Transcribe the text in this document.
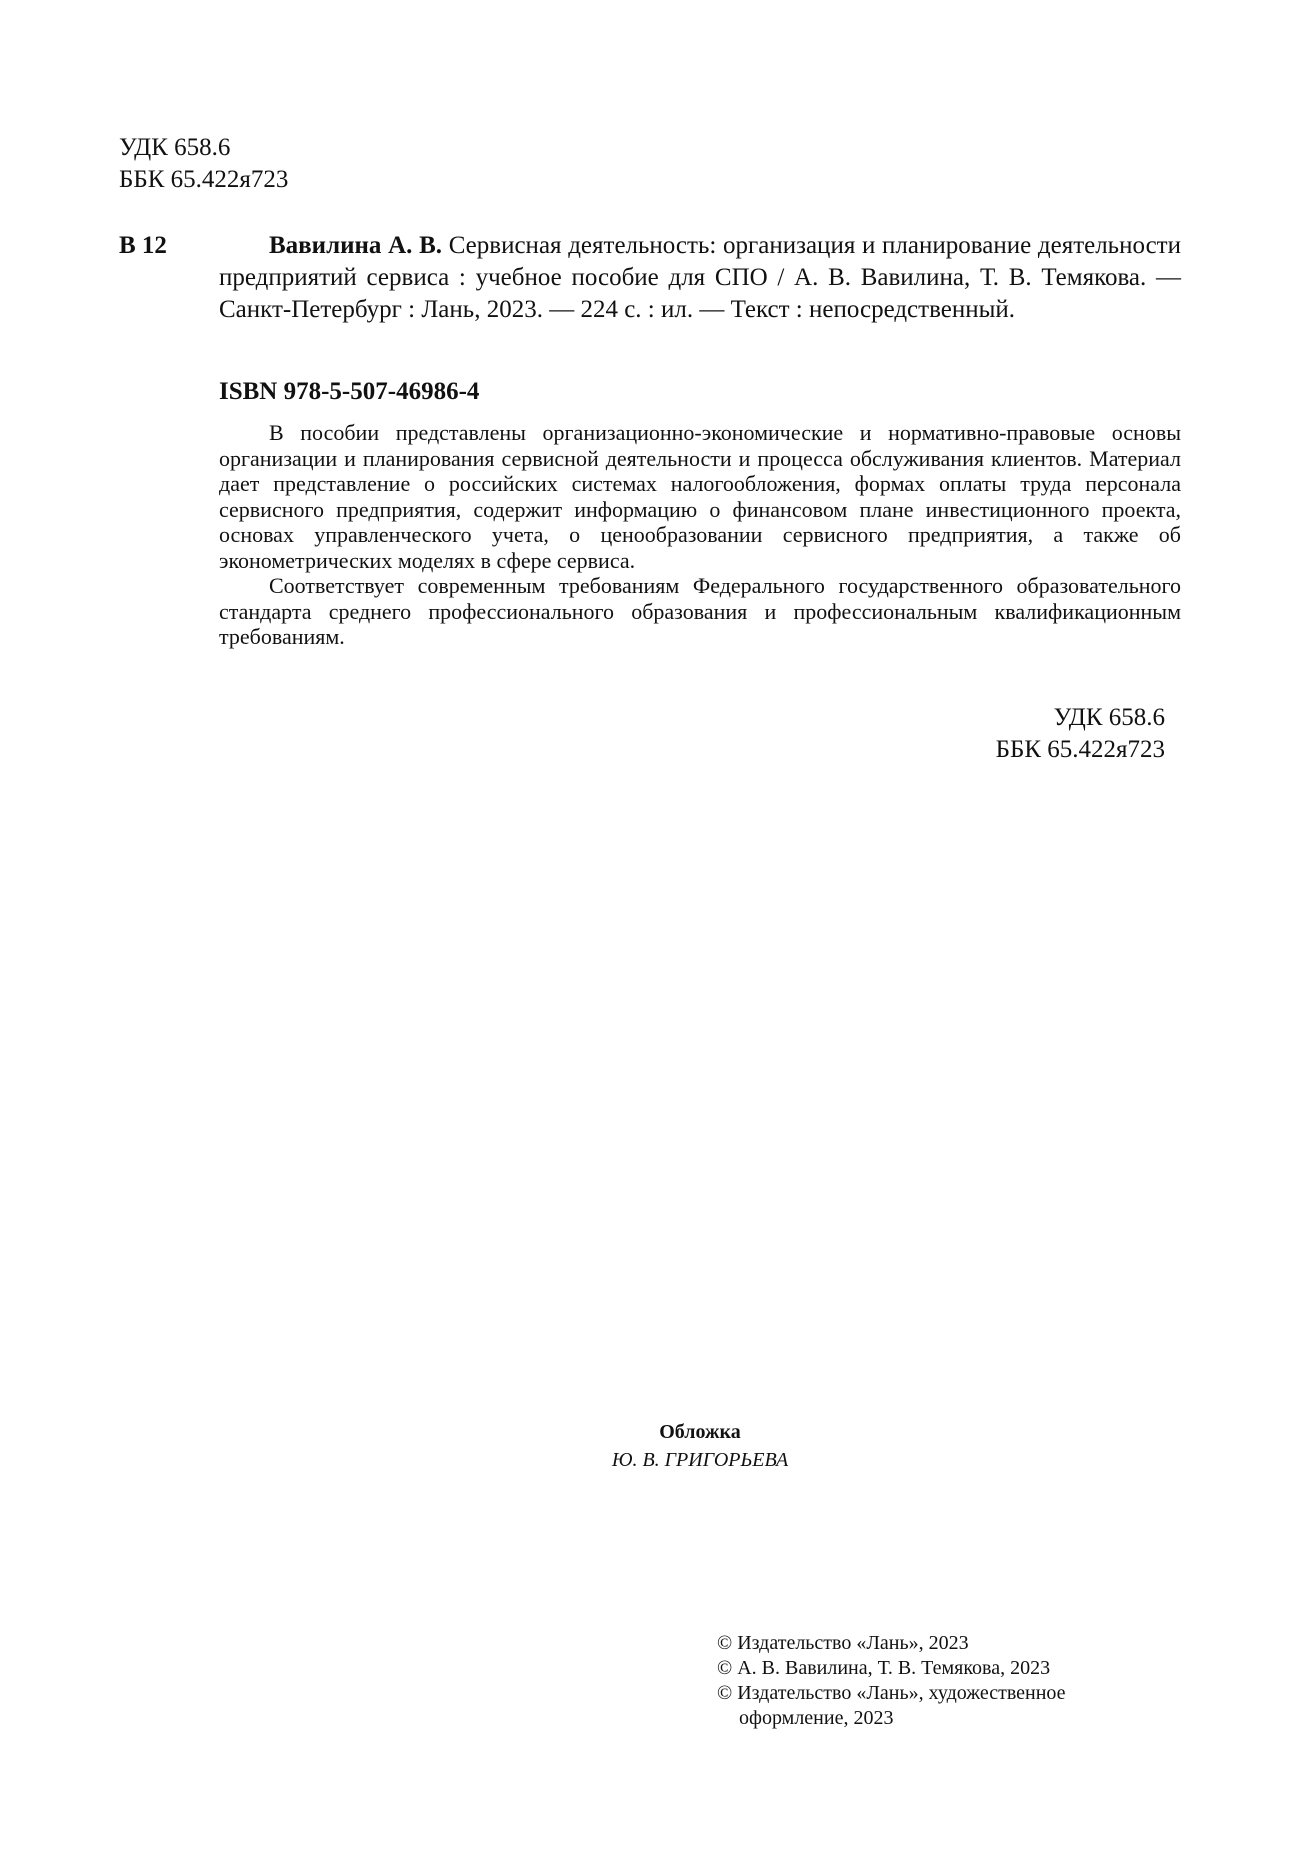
УДК 658.6
ББК 65.422я723
В 12	Вавилина А. В. Сервисная деятельность: организация и планирование деятельности предприятий сервиса : учебное пособие для СПО / А. В. Вавилина, Т. В. Темякова. — Санкт-Петербург : Лань, 2023. — 224 с. : ил. — Текст : непосредственный.
ISBN 978-5-507-46986-4

В пособии представлены организационно-экономические и нормативно-правовые основы организации и планирования сервисной деятельности и процесса обслуживания клиентов. Материал дает представление о российских системах налогообложения, формах оплаты труда персонала сервисного предприятия, содержит информацию о финансовом плане инвестиционного проекта, основах управленческого учета, о ценообразовании сервисного предприятия, а также об эконометрических моделях в сфере сервиса.

Соответствует современным требованиям Федерального государственного образовательного стандарта среднего профессионального образования и профессиональным квалификационным требованиям.

УДК 658.6
ББК 65.422я723
Обложка
Ю. В. ГРИГОРЬЕВА
© Издательство «Лань», 2023
© А. В. Вавилина, Т. В. Темякова, 2023
© Издательство «Лань», художественное
оформление, 2023
